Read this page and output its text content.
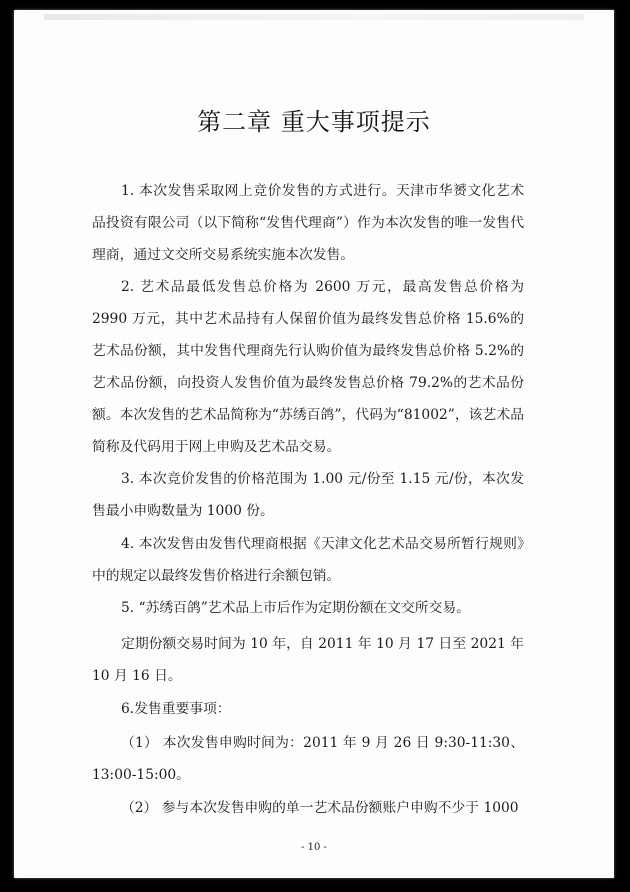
第二章 重大事项提示

1. 本次发售采取网上竞价发售的方式进行。天津市华赟文化艺术品投资有限公司（以下简称“发售代理商”）作为本次发售的唯一发售代理商，通过文交所交易系统实施本次发售。

2. 艺术品最低发售总价格为 2600 万元，最高发售总价格为 2990 万元，其中艺术品持有人保留价值为最终发售总价格 15.6%的艺术品份额，其中发售代理商先行认购价值为最终发售总价格 5.2%的艺术品份额，向投资人发售价值为最终发售总价格 79.2%的艺术品份额。本次发售的艺术品简称为“苏绣百鸽”，代码为“81002”，该艺术品简称及代码用于网上申购及艺术品交易。

3. 本次竞价发售的价格范围为 1.00 元/份至 1.15 元/份，本次发售最小申购数量为 1000 份。

4. 本次发售由发售代理商根据《天津文化艺术品交易所暂行规则》中的规定以最终发售价格进行余额包销。

5. “苏绣百鸽”艺术品上市后作为定期份额在文交所交易。

定期份额交易时间为 10 年，自 2011 年 10 月 17 日至 2021 年 10 月 16 日。

6.发售重要事项：

（1） 本次发售申购时间为：2011 年 9 月 26 日 9:30-11:30、13:00-15:00。

（2） 参与本次发售申购的单一艺术品份额账户申购不少于 1000

- 10 -
